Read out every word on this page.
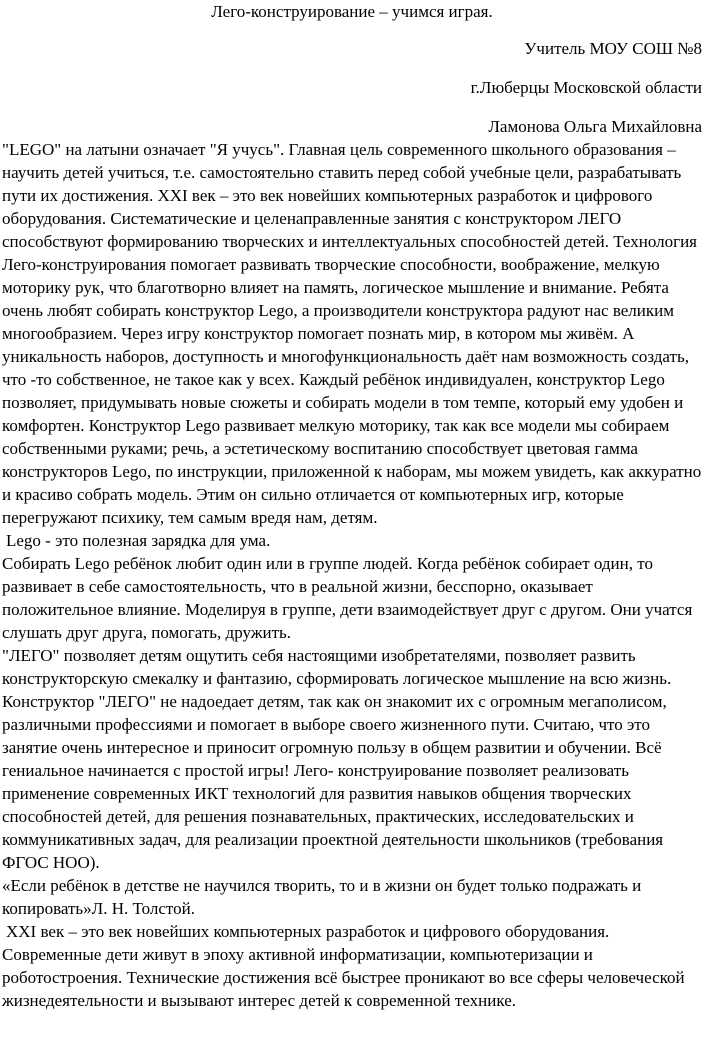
Лего-конструирование – учимся играя.

Учитель МОУ СОШ №8

г.Люберцы Московской области

Ламонова Ольга Михайловна

"LEGO" на латыни означает "Я учусь". Главная цель современного школьного образования – научить детей учиться, т.е. самостоятельно ставить перед собой учебные цели, разрабатывать пути их достижения. XXI век – это век новейших компьютерных разработок и цифрового оборудования. Систематические и целенаправленные занятия с конструктором ЛЕГО способствуют формированию творческих и интеллектуальных способностей детей. Технология Лего-конструирования помогает развивать творческие способности, воображение, мелкую моторику рук, что благотворно влияет на память, логическое мышление и внимание. Ребята очень любят собирать конструктор Lego, а производители конструктора радуют нас великим многообразием. Через игру конструктор помогает познать мир, в котором мы живём. А уникальность наборов, доступность и многофункциональность даёт нам возможность создать, что -то собственное, не такое как у всех. Каждый ребёнок индивидуален, конструктор Lego позволяет, придумывать новые сюжеты и собирать модели в том темпе, который ему удобен и комфортен. Конструктор Lego развивает мелкую моторику, так как все модели мы собираем собственными руками; речь, а эстетическому воспитанию способствует цветовая гамма конструкторов Lego, по инструкции, приложенной к наборам, мы можем увидеть, как аккуратно и красиво собрать модель. Этим он сильно отличается от компьютерных игр, которые перегружают психику, тем самым вредя нам, детям.

Lego - это полезная зарядка для ума.

Собирать Lego ребёнок любит один или в группе людей. Когда ребёнок собирает один, то развивает в себе самостоятельность, что в реальной жизни, бесспорно, оказывает положительное влияние. Моделируя в группе, дети взаимодействует друг с другом. Они учатся слушать друг друга, помогать, дружить.

"ЛЕГО" позволяет детям ощутить себя настоящими изобретателями, позволяет развить конструкторскую смекалку и фантазию, сформировать логическое мышление на всю жизнь. Конструктор "ЛЕГО" не надоедает детям, так как он знакомит их с огромным мегаполисом, различными профессиями и помогает в выборе своего жизненного пути. Считаю, что это занятие очень интересное и приносит огромную пользу в общем развитии и обучении. Всё гениальное начинается с простой игры! Лего- конструирование позволяет реализовать применение современных ИКТ технологий для развития навыков общения творческих способностей детей, для решения познавательных, практических, исследовательских и коммуникативных задач, для реализации проектной деятельности школьников (требования ФГОС НОО).

«Если ребёнок в детстве не научился творить, то и в жизни он будет только подражать и копировать»Л. Н. Толстой.

XXI век – это век новейших компьютерных разработок и цифрового оборудования.

Современные дети живут в эпоху активной информатизации, компьютеризации и роботостроения. Технические достижения всё быстрее проникают во все сферы человеческой жизнедеятельности и вызывают интерес детей к современной технике.
